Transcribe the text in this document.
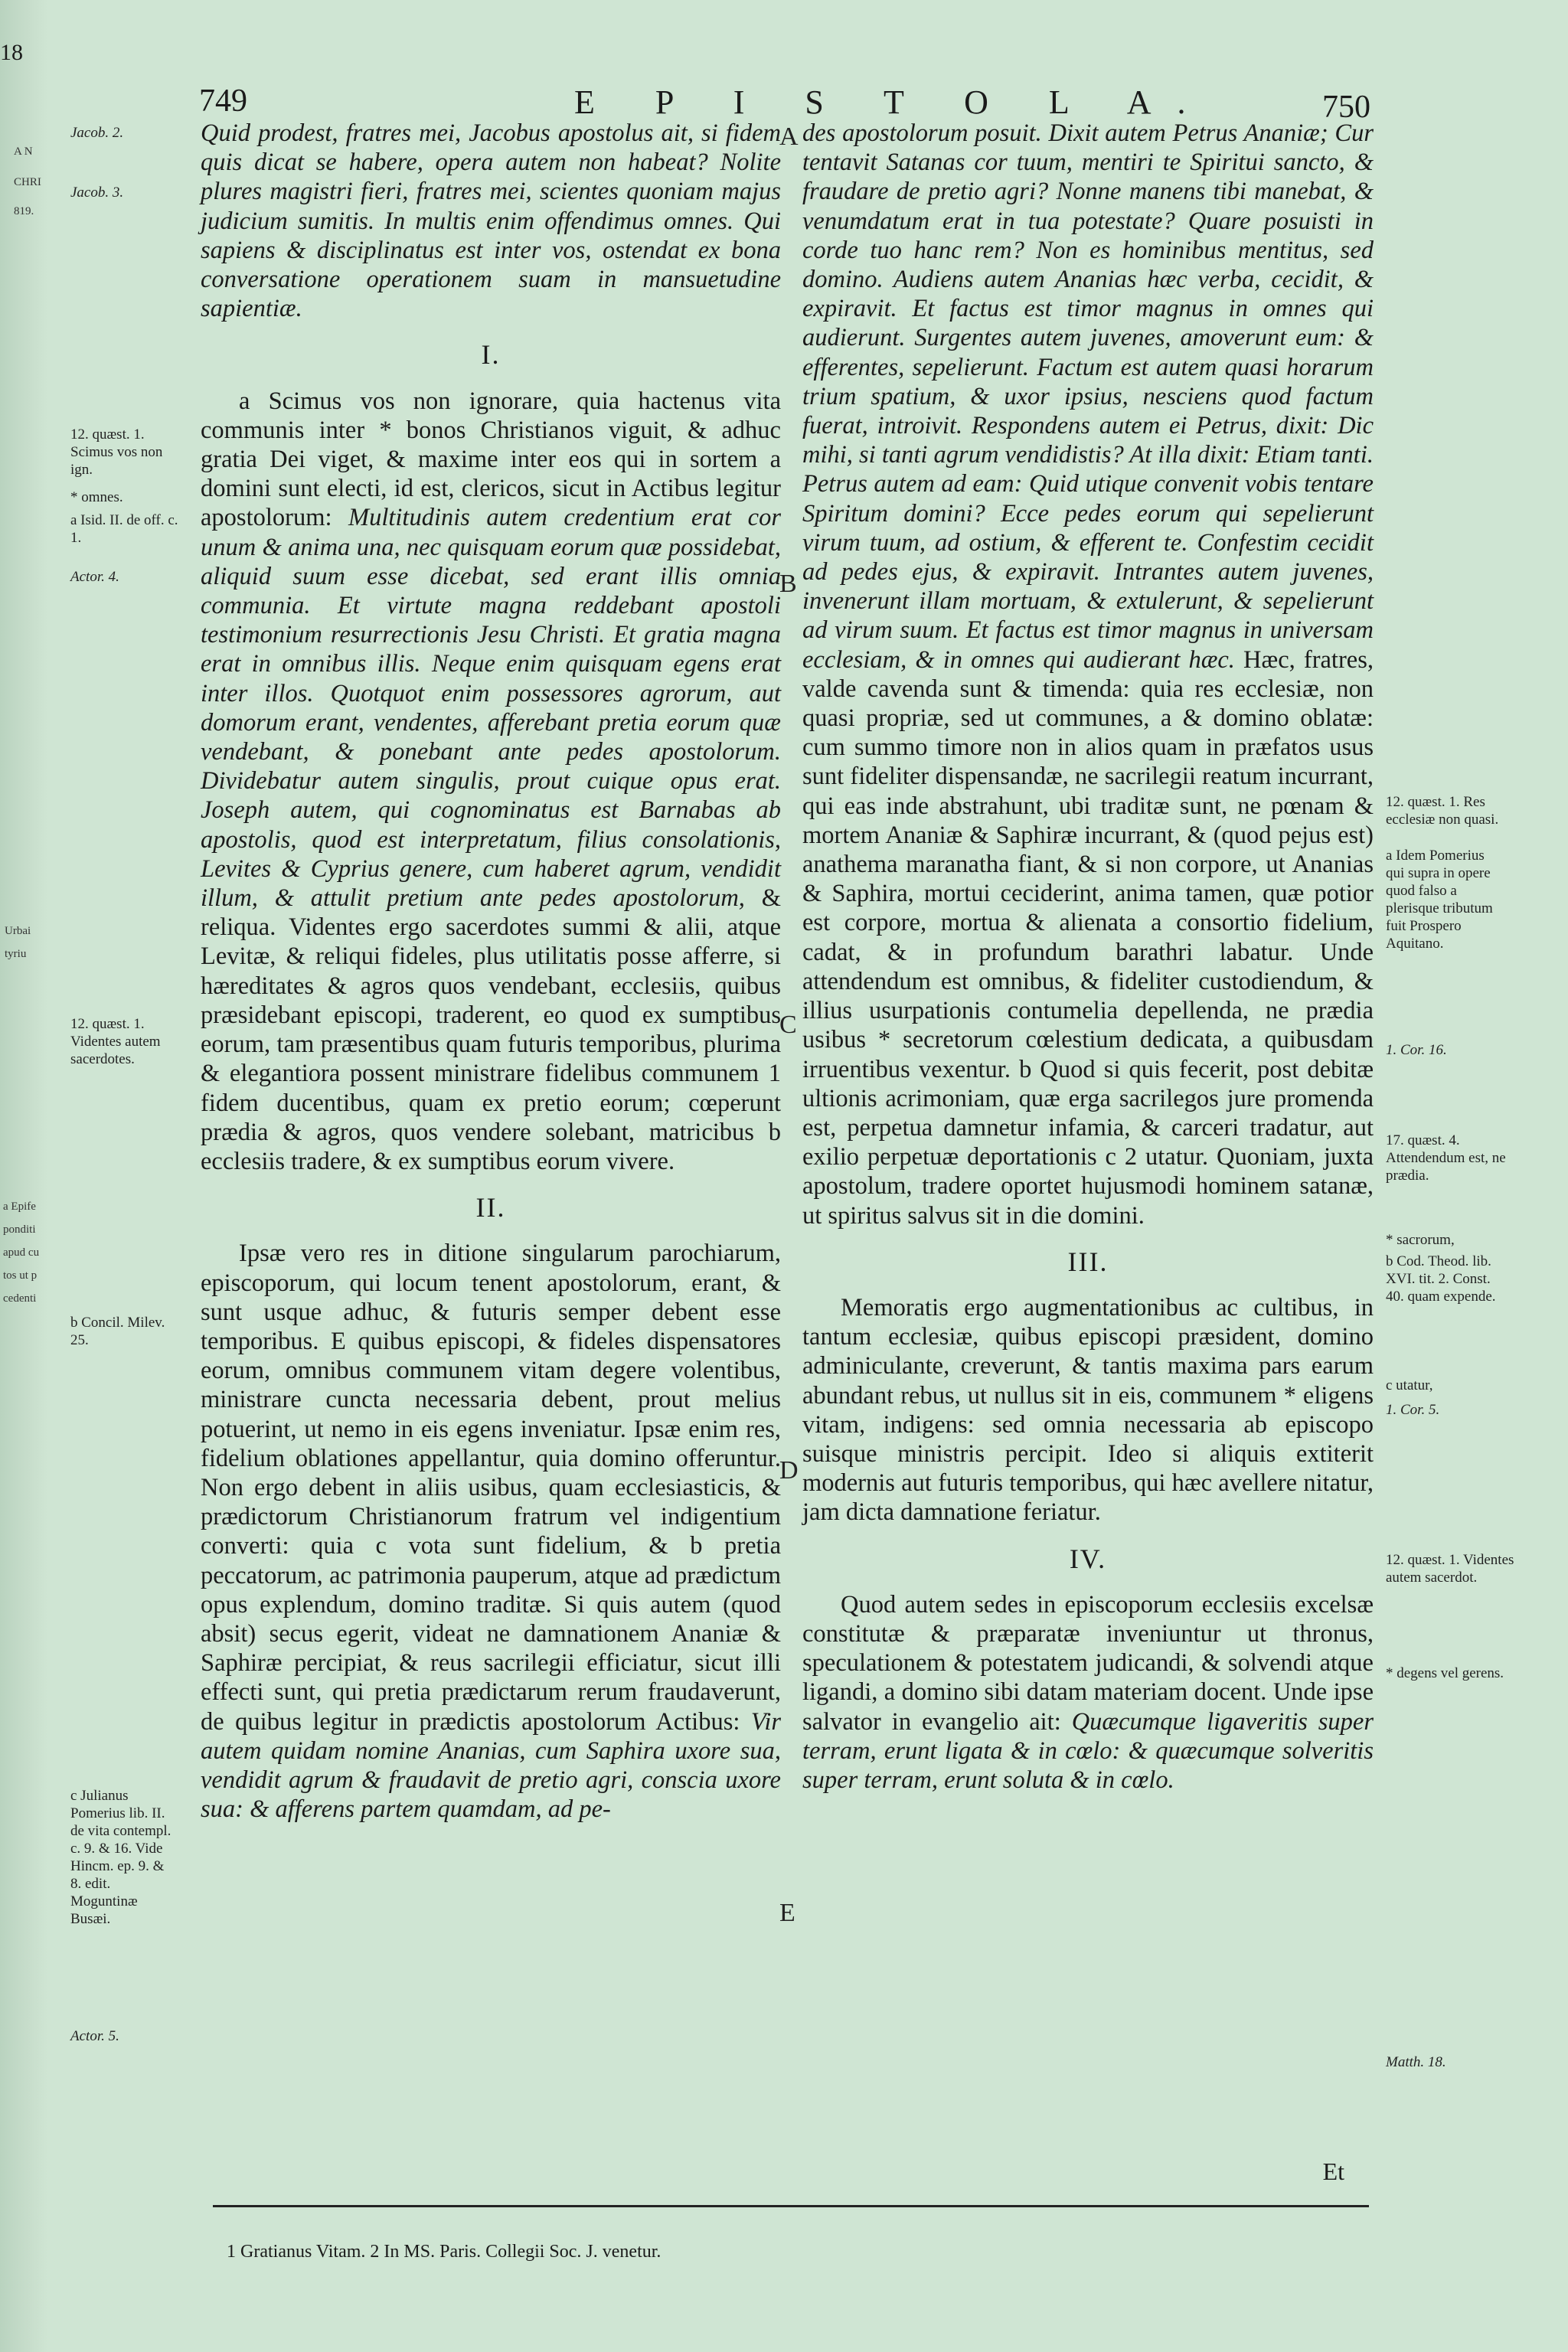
18
A N
CHRI
819.
Urbai
tyriu
a Epife
ponditi
apud cu
tos ut p
cedenti
749	E P I S T O L A.	750
Jacob. 2.
Jacob. 3.
12. quæst. 1. Scimus vos non ign.
* omnes.
a Isid. II. de off. c. 1.
Actor. 4.
12. quæst. 1. Videntes autem sacerdotes.
b Concil. Milev. 25.
c Julianus Pomerius lib. II. de vita contempl. c. 9. & 16. Vide Hincm. ep. 9. & 8. edit. Moguntinæ Busæi.
Actor. 5.
12. quæst. 1. Res ecclesiæ non quasi.
a Idem Pomerius qui supra in opere quod falso a plerisque tributum fuit Prospero Aquitano.
1. Cor. 16.
17. quæst. 4. Attendendum est, ne prædia.
* sacrorum,
b Cod. Theod. lib. XVI. tit. 2. Const. 40. quam expende.
c utatur,
1. Cor. 5.
12. quæst. 1. Videntes autem sacerdot.
* degens vel gerens.
Matth. 18.
A
B
C
D
E

Quid prodest, fratres mei, Jacobus apostolus ait, si fidem quis dicat se habere, opera autem non habeat? Nolite plures magistri fieri, fratres mei, scientes quoniam majus judicium sumitis. In multis enim offendimus omnes. Qui sapiens & disciplinatus est inter vos, ostendat ex bona conversatione operationem suam in mansuetudine sapientiæ.

I.

a Scimus vos non ignorare, quia hactenus vita communis inter * bonos Christianos viguit, & adhuc gratia Dei viget, & maxime inter eos qui in sortem a domini sunt electi, id est, clericos, sicut in Actibus legitur apostolorum: Multitudinis autem credentium erat cor unum & anima una, nec quisquam eorum quæ possidebat, aliquid suum esse dicebat, sed erant illis omnia communia. Et virtute magna reddebant apostoli testimonium resurrectionis Jesu Christi. Et gratia magna erat in omnibus illis. Neque enim quisquam egens erat inter illos. Quotquot enim possessores agrorum, aut domorum erant, vendentes, afferebant pretia eorum quæ vendebant, & ponebant ante pedes apostolorum. Dividebatur autem singulis, prout cuique opus erat. Joseph autem, qui cognominatus est Barnabas ab apostolis, quod est interpretatum, filius consolationis, Levites & Cyprius genere, cum haberet agrum, vendidit illum, & attulit pretium ante pedes apostolorum, & reliqua. Videntes ergo sacerdotes summi & alii, atque Levitæ, & reliqui fideles, plus utilitatis posse afferre, si hæreditates & agros quos vendebant, ecclesiis, quibus præsidebant episcopi, traderent, eo quod ex sumptibus eorum, tam præsentibus quam futuris temporibus, plurima & elegantiora possent ministrare fidelibus communem 1 fidem ducentibus, quam ex pretio eorum; cœperunt prædia & agros, quos vendere solebant, matricibus b ecclesiis tradere, & ex sumptibus eorum vivere.

II.

Ipsæ vero res in ditione singularum parochiarum, episcoporum, qui locum tenent apostolorum, erant, & sunt usque adhuc, & futuris semper debent esse temporibus. E quibus episcopi, & fideles dispensatores eorum, omnibus communem vitam degere volentibus, ministrare cuncta necessaria debent, prout melius potuerint, ut nemo in eis egens inveniatur. Ipsæ enim res, fidelium oblationes appellantur, quia domino offeruntur. Non ergo debent in aliis usibus, quam ecclesiasticis, & prædictorum Christianorum fratrum vel indigentium converti: quia c vota sunt fidelium, & b pretia peccatorum, ac patrimonia pauperum, atque ad prædictum opus explendum, domino traditæ. Si quis autem (quod absit) secus egerit, videat ne damnationem Ananiæ & Saphiræ percipiat, & reus sacrilegii efficiatur, sicut illi effecti sunt, qui pretia prædictarum rerum fraudaverunt, de quibus legitur in prædictis apostolorum Actibus: Vir autem quidam nomine Ananias, cum Saphira uxore sua, vendidit agrum & fraudavit de pretio agri, conscia uxore sua: & afferens partem quamdam, ad pe-

des apostolorum posuit. Dixit autem Petrus Ananiæ; Cur tentavit Satanas cor tuum, mentiri te Spiritui sancto, & fraudare de pretio agri? Nonne manens tibi manebat, & venumdatum erat in tua potestate? Quare posuisti in corde tuo hanc rem? Non es hominibus mentitus, sed domino. Audiens autem Ananias hæc verba, cecidit, & expiravit. Et factus est timor magnus in omnes qui audierunt. Surgentes autem juvenes, amoverunt eum: & efferentes, sepelierunt. Factum est autem quasi horarum trium spatium, & uxor ipsius, nesciens quod factum fuerat, introivit. Respondens autem ei Petrus, dixit: Dic mihi, si tanti agrum vendidistis? At illa dixit: Etiam tanti. Petrus autem ad eam: Quid utique convenit vobis tentare Spiritum domini? Ecce pedes eorum qui sepelierunt virum tuum, ad ostium, & efferent te. Confestim cecidit ad pedes ejus, & expiravit. Intrantes autem juvenes, invenerunt illam mortuam, & extulerunt, & sepelierunt ad virum suum. Et factus est timor magnus in universam ecclesiam, & in omnes qui audierant hæc. Hæc, fratres, valde cavenda sunt & timenda: quia res ecclesiæ, non quasi propriæ, sed ut communes, a & domino oblatæ: cum summo timore non in alios quam in præfatos usus sunt fideliter dispensandæ, ne sacrilegii reatum incurrant, qui eas inde abstrahunt, ubi traditæ sunt, ne pœnam & mortem Ananiæ & Saphiræ incurrant, & (quod pejus est) anathema maranatha fiant, & si non corpore, ut Ananias & Saphira, mortui ceciderint, anima tamen, quæ potior est corpore, mortua & alienata a consortio fidelium, cadat, & in profundum barathri labatur. Unde attendendum est omnibus, & fideliter custodiendum, & illius usurpationis contumelia depellenda, ne prædia usibus * secretorum cœlestium dedicata, a quibusdam irruentibus vexentur. b Quod si quis fecerit, post debitæ ultionis acrimoniam, quæ erga sacrilegos jure promenda est, perpetua damnetur infamia, & carceri tradatur, aut exilio perpetuæ deportationis c 2 utatur. Quoniam, juxta apostolum, tradere oportet hujusmodi hominem satanæ, ut spiritus salvus sit in die domini.

III.

Memoratis ergo augmentationibus ac cultibus, in tantum ecclesiæ, quibus episcopi præsident, domino adminiculante, creverunt, & tantis maxima pars earum abundant rebus, ut nullus sit in eis, communem * eligens vitam, indigens: sed omnia necessaria ab episcopo suisque ministris percipit. Ideo si aliquis extiterit modernis aut futuris temporibus, qui hæc avellere nitatur, jam dicta damnatione feriatur.

IV.

Quod autem sedes in episcoporum ecclesiis excelsæ constitutæ & præparatæ inveniuntur ut thronus, speculationem & potestatem judicandi, & solvendi atque ligandi, a domino sibi datam materiam docent. Unde ipse salvator in evangelio ait: Quæcumque ligaveritis super terram, erunt ligata & in cœlo: & quæcumque solveritis super terram, erunt soluta & in cœlo.

Et
1 Gratianus Vitam. 2 In MS. Paris. Collegii Soc. J. venetur.
